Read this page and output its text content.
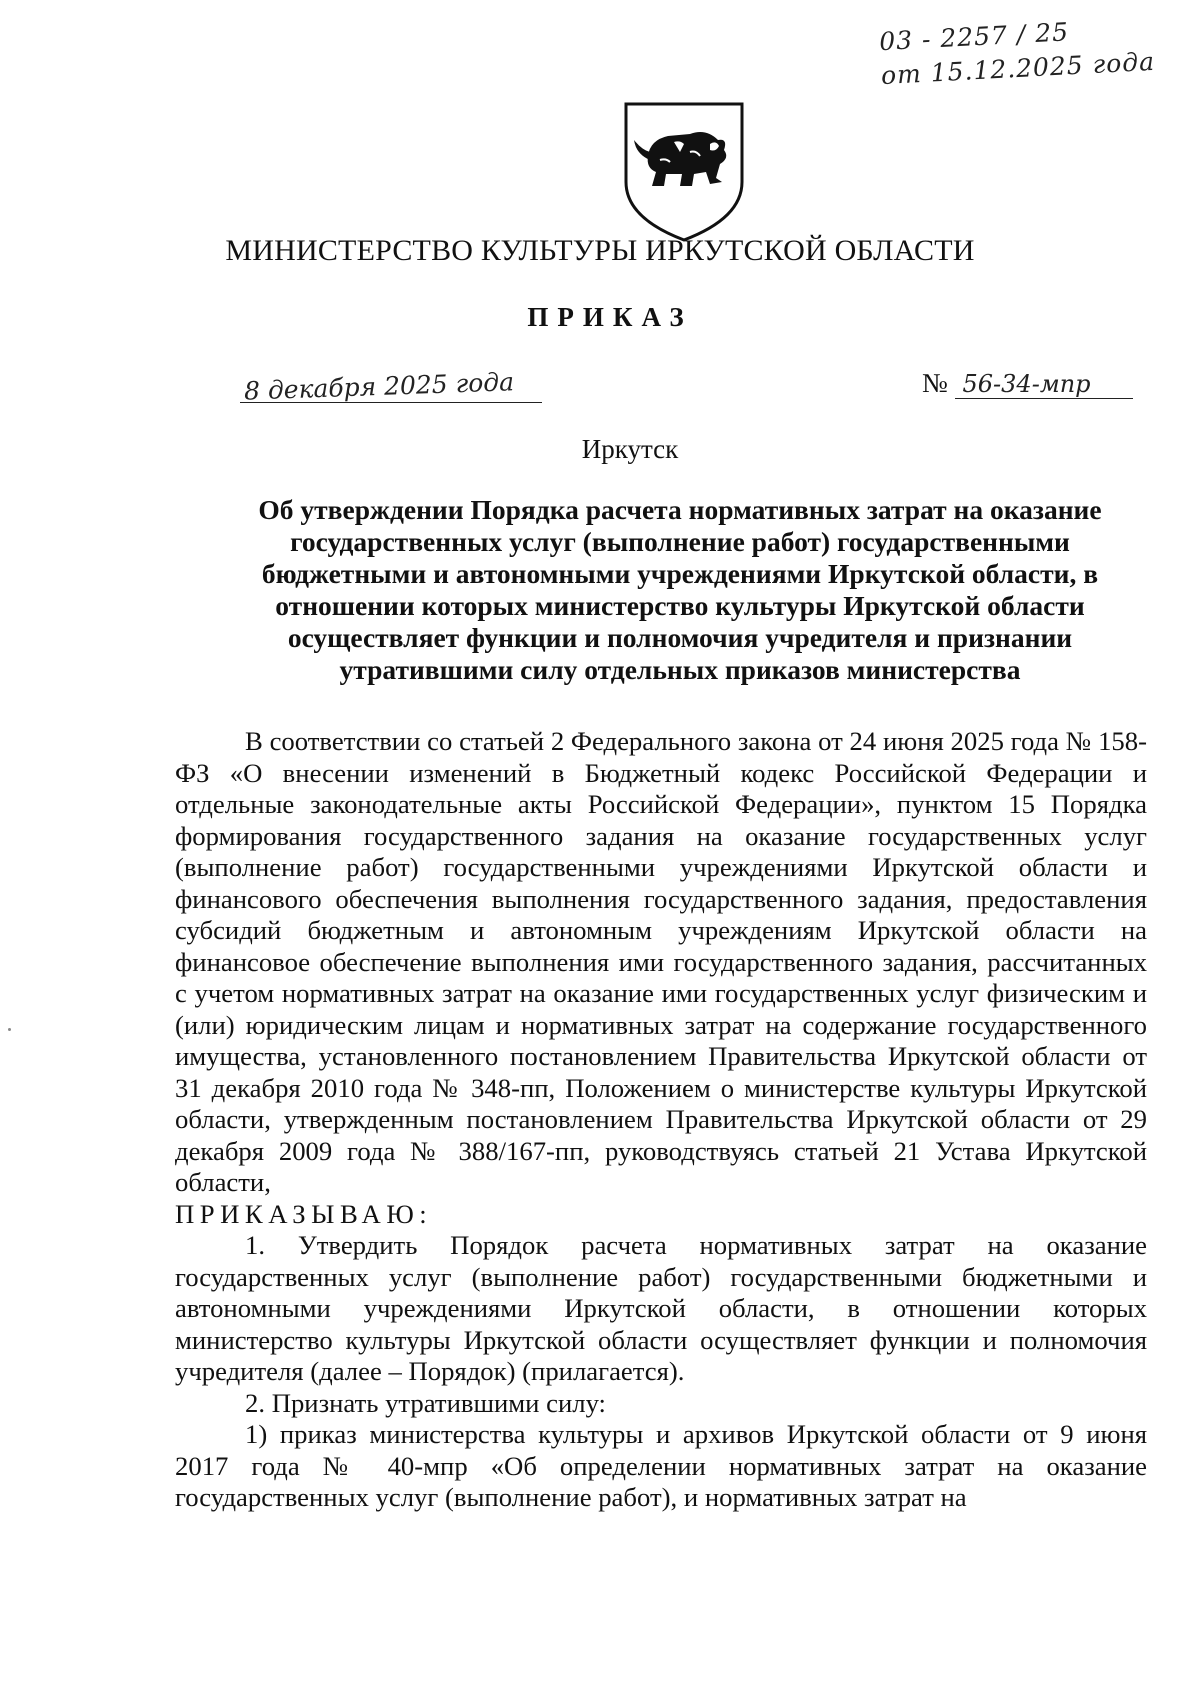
03 - 2257 / 25
от 15.12.2025 года
МИНИСТЕРСТВО КУЛЬТУРЫ ИРКУТСКОЙ ОБЛАСТИ
ПРИКАЗ
8 декабря 2025 года	№ 56-34-мпр
Иркутск
Об утверждении Порядка расчета нормативных затрат на оказание государственных услуг (выполнение работ) государственными бюджетными и автономными учреждениями Иркутской области, в отношении которых министерство культуры Иркутской области осуществляет функции и полномочия учредителя и признании утратившими силу отдельных приказов министерства

В соответствии со статьей 2 Федерального закона от 24 июня 2025 года № 158-ФЗ «О внесении изменений в Бюджетный кодекс Российской Федерации и отдельные законодательные акты Российской Федерации», пунктом 15 Порядка формирования государственного задания на оказание государственных услуг (выполнение работ) государственными учреждениями Иркутской области и финансового обеспечения выполнения государственного задания, предоставления субсидий бюджетным и автономным учреждениям Иркутской области на финансовое обеспечение выполнения ими государственного задания, рассчитанных с учетом нормативных затрат на оказание ими государственных услуг физическим и (или) юридическим лицам и нормативных затрат на содержание государственного имущества, установленного постановлением Правительства Иркутской области от 31 декабря 2010 года № 348-пп, Положением о министерстве культуры Иркутской области, утвержденным постановлением Правительства Иркутской области от 29 декабря 2009 года № 388/167-пп, руководствуясь статьей 21 Устава Иркутской области,

ПРИКАЗЫВАЮ:

1. Утвердить Порядок расчета нормативных затрат на оказание государственных услуг (выполнение работ) государственными бюджетными и автономными учреждениями Иркутской области, в отношении которых министерство культуры Иркутской области осуществляет функции и полномочия учредителя (далее – Порядок) (прилагается).

2. Признать утратившими силу:

1) приказ министерства культуры и архивов Иркутской области от 9 июня 2017 года № 40-мпр «Об определении нормативных затрат на оказание государственных услуг (выполнение работ), и нормативных затрат на
